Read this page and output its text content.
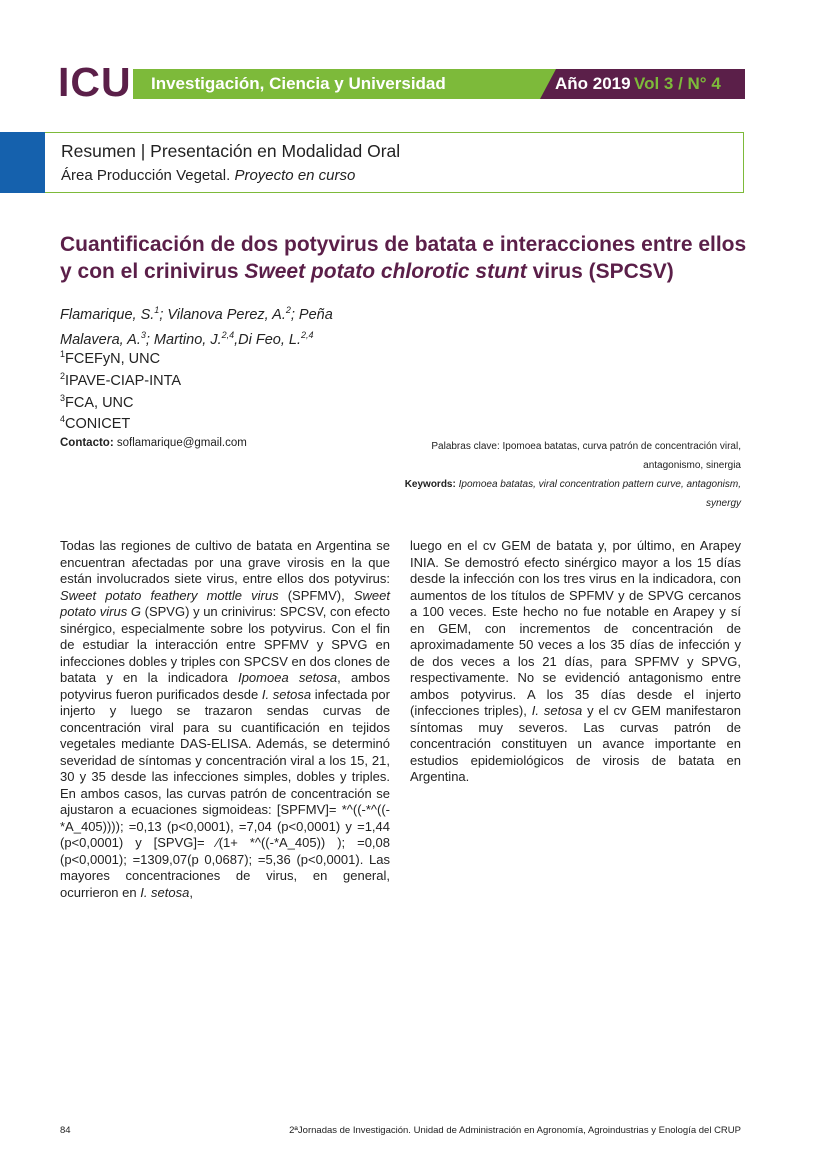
ICU Investigación, Ciencia y Universidad	Año 2019 Vol 3 / N° 4
Resumen | Presentación en Modalidad Oral
Área Producción Vegetal. Proyecto en curso
Cuantificación de dos potyvirus de batata e interacciones entre ellos y con el crinivirus Sweet potato chlorotic stunt virus (SPCSV)
Flamarique, S.$^1$; Vilanova Perez, A.$^2$; Peña Malavera, A.$^3$; Martino, J.$^{2,4}$,Di Feo, L.$^{2,4}$
$^1$FCEFyN, UNC
$^2$IPAVE-CIAP-INTA
$^3$FCA, UNC
$^4$CONICET
Contacto: soflamarique@gmail.com	Palabras clave: Ipomoea batatas, curva patrón de concentración viral, antagonismo, sinergia
Keywords: Ipomoea batatas, viral concentration pattern curve, antagonism, synergy
Todas las regiones de cultivo de batata en Argentina se encuentran afectadas por una grave virosis en la que están involucrados siete virus, entre ellos dos potyvirus: Sweet potato feathery mottle virus (SPFMV), Sweet potato virus G (SPVG) y un crinivirus: SPCSV, con efecto sinérgico, especialmente sobre los potyvirus. Con el fin de estudiar la interacción entre SPFMV y SPVG en infecciones dobles y triples con SPCSV en dos clones de batata y en la indicadora Ipomoea setosa, ambos potyvirus fueron purificados desde I. setosa infectada por injerto y luego se trazaron sendas curvas de concentración viral para su cuantificación en tejidos vegetales mediante DAS-ELISA. Además, se determinó severidad de síntomas y concentración viral a los 15, 21, 30 y 35 desde las infecciones simples, dobles y triples. En ambos casos, las curvas patrón de concentración se ajustaron a ecuaciones sigmoideas: [SPFMV]= *^((-*^((-*A_405)))); =0,13 (p<0,0001), =7,04 (p<0,0001) y =1,44 (p<0,0001) y [SPVG]= ∕(1+ *^((-*A_405)) ); =0,08 (p<0,0001); =1309,07(p 0,0687); =5,36 (p<0,0001). Las mayores concentraciones de virus, en general, ocurrieron en I. setosa,
luego en el cv GEM de batata y, por último, en Arapey INIA. Se demostró efecto sinérgico mayor a los 15 días desde la infección con los tres virus en la indicadora, con aumentos de los títulos de SPFMV y de SPVG cercanos a 100 veces. Este hecho no fue notable en Arapey y sí en GEM, con incrementos de concentración de aproximadamente 50 veces a los 35 días de infección y de dos veces a los 21 días, para SPFMV y SPVG, respectivamente. No se evidenció antagonismo entre ambos potyvirus. A los 35 días desde el injerto (infecciones triples), I. setosa y el cv GEM manifestaron síntomas muy severos. Las curvas patrón de concentración constituyen un avance importante en estudios epidemiológicos de virosis de batata en Argentina.
84	2ªJornadas de Investigación. Unidad de Administración en Agronomía, Agroindustrias y Enología del CRUP
